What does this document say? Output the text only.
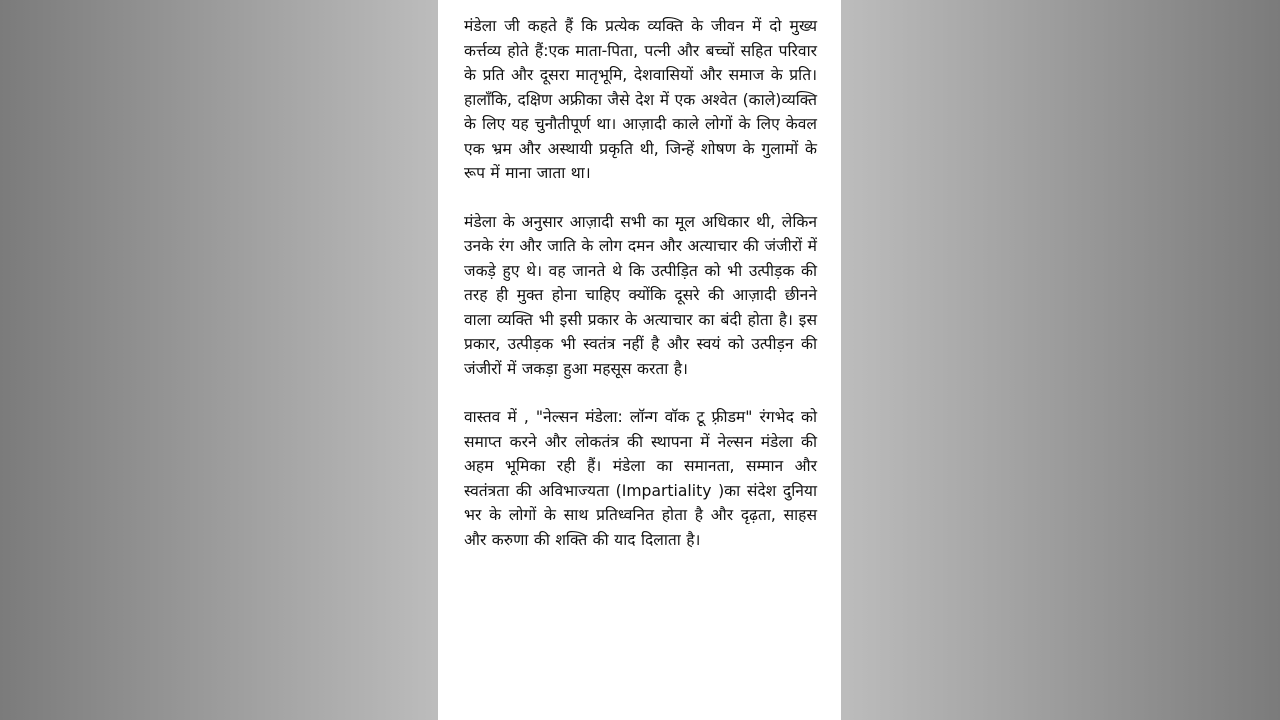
मंडेला जी कहते हैं कि प्रत्येक व्यक्ति के जीवन में दो मुख्य कर्त्तव्य होते हैं:एक माता-पिता, पत्नी और बच्चों सहित परिवार के प्रति और दूसरा मातृभूमि, देशवासियों और समाज के प्रति। हालाँकि, दक्षिण अफ्रीका जैसे देश में एक अश्वेत (काले)व्यक्ति के लिए यह चुनौतीपूर्ण था। आज़ादी काले लोगों के लिए केवल एक भ्रम और अस्थायी प्रकृति थी, जिन्हें शोषण के गुलामों के रूप में माना जाता था।

मंडेला के अनुसार आज़ादी सभी का मूल अधिकार थी, लेकिन उनके रंग और जाति के लोग दमन और अत्याचार की जंजीरों में जकड़े हुए थे। वह जानते थे कि उत्पीड़ित को भी उत्पीड़क की तरह ही मुक्त होना चाहिए क्योंकि दूसरे की आज़ादी छीनने वाला व्यक्ति भी इसी प्रकार के अत्याचार का बंदी होता है। इस प्रकार, उत्पीड़क भी स्वतंत्र नहीं है और स्वयं को उत्पीड़न की जंजीरों में जकड़ा हुआ महसूस करता है।

वास्तव में , "नेल्सन मंडेला: लॉन्ग वॉक टू फ़्रीडम" रंगभेद को समाप्त करने और लोकतंत्र की स्थापना में नेल्सन मंडेला की अहम भूमिका रही हैं। मंडेला का समानता, सम्मान और स्वतंत्रता की अविभाज्यता (Impartiality )का संदेश दुनिया भर के लोगों के साथ प्रतिध्वनित होता है और दृढ़ता, साहस और करुणा की शक्ति की याद दिलाता है।
